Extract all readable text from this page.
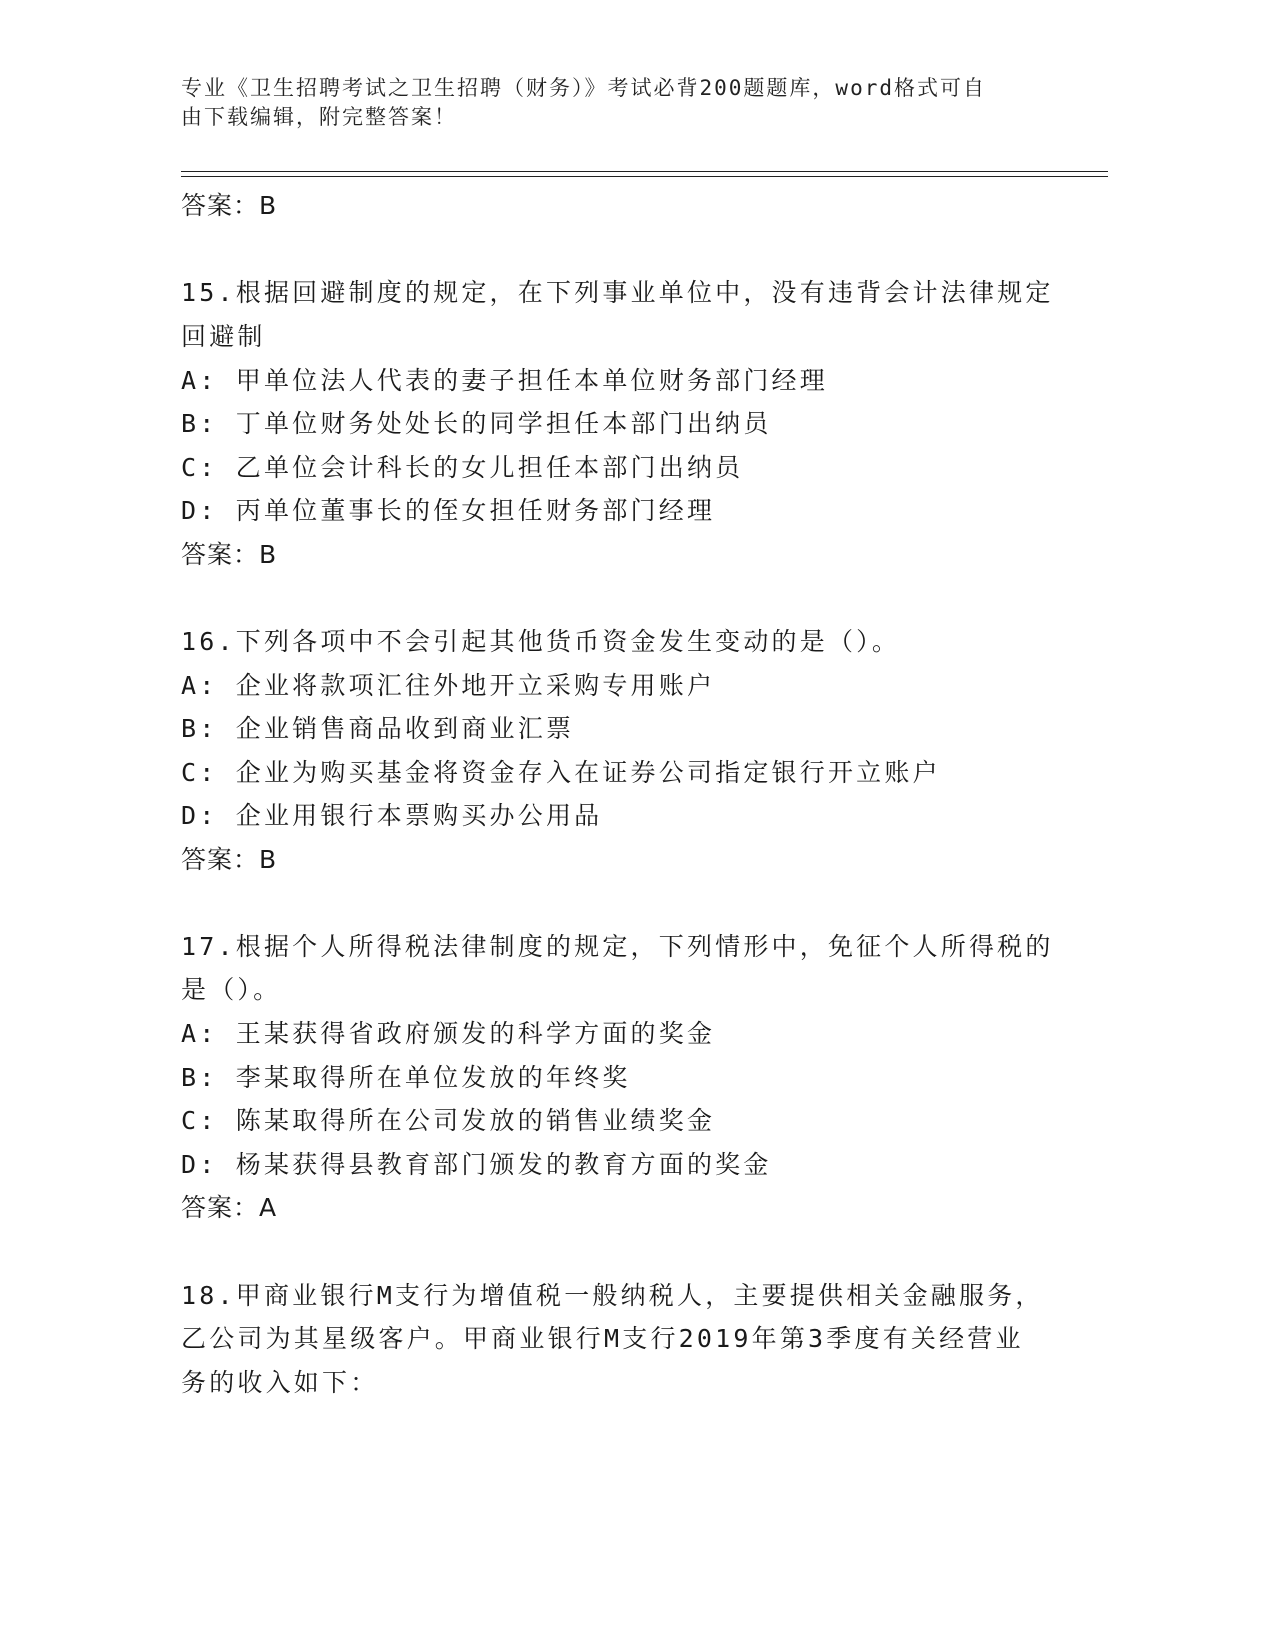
专业《卫生招聘考试之卫生招聘（财务）》考试必背200题题库，word格式可自
由下载编辑，附完整答案！
答案：B
15.根据回避制度的规定，在下列事业单位中，没有违背会计法律规定
回避制
A: 甲单位法人代表的妻子担任本单位财务部门经理
B: 丁单位财务处处长的同学担任本部门出纳员
C: 乙单位会计科长的女儿担任本部门出纳员
D: 丙单位董事长的侄女担任财务部门经理
答案：B
16.下列各项中不会引起其他货币资金发生变动的是（）。
A: 企业将款项汇往外地开立采购专用账户
B: 企业销售商品收到商业汇票
C: 企业为购买基金将资金存入在证券公司指定银行开立账户
D: 企业用银行本票购买办公用品
答案：B
17.根据个人所得税法律制度的规定，下列情形中，免征个人所得税的
是（）。
A: 王某获得省政府颁发的科学方面的奖金
B: 李某取得所在单位发放的年终奖
C: 陈某取得所在公司发放的销售业绩奖金
D: 杨某获得县教育部门颁发的教育方面的奖金
答案：A
18.甲商业银行M支行为增值税一般纳税人，主要提供相关金融服务，
乙公司为其星级客户。甲商业银行M支行2019年第3季度有关经营业
务的收入如下：
